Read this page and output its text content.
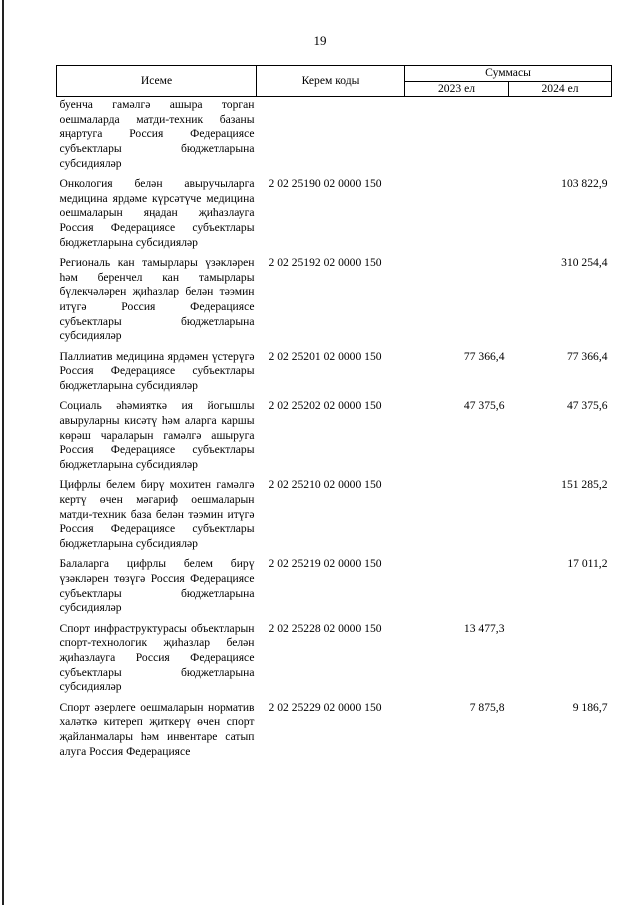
19
Исеме	Керем коды	Суммасы	
		2023 ел	2024 ел
буенча гамәлгә ашыра торган оешмаларда матди-техник базаны яңартуга Россия Федерациясе субъектлары бюджетларына субсидияләр			
Онкология белән авыручыларга медицина ярдәме күрсәтүче медицина оешмаларын яңадан җиһазлауга Россия Федерациясе субъектлары бюджетларына субсидияләр	2 02 25190 02 0000 150		103 822,9
Региональ кан тамырлары үзәкләрен һәм беренчел кан тамырлары бүлекчәләрен җиһазлар белән тәэмин итүгә Россия Федерациясе субъектлары бюджетларына субсидияләр	2 02 25192 02 0000 150		310 254,4
Паллиатив медицина ярдәмен үстерүгә Россия Федерациясе субъектлары бюджетларына субсидияләр	2 02 25201 02 0000 150	77 366,4	77 366,4
Социаль әһәмияткә ия йогышлы авыруларны кисәтү һәм аларга каршы көрәш чараларын гамәлгә ашыруга Россия Федерациясе субъектлары бюджетларына субсидияләр	2 02 25202 02 0000 150	47 375,6	47 375,6
Цифрлы белем бирү мохитен гамәлгә кертү өчен мәгариф оешмаларын матди-техник база белән тәэмин итүгә Россия Федерациясе субъектлары бюджетларына субсидияләр	2 02 25210 02 0000 150		151 285,2
Балаларга цифрлы белем бирү үзәкләрен төзүгә Россия Федерациясе субъектлары бюджетларына субсидияләр	2 02 25219 02 0000 150		17 011,2
Спорт инфраструктурасы объектларын спорт-технологик җиһазлар белән җиһазлауга Россия Федерациясе субъектлары бюджетларына субсидияләр	2 02 25228 02 0000 150	13 477,3	
Спорт әзерлеге оешмаларын норматив халәткә китереп җиткерү өчен спорт җайланмалары һәм инвентаре сатып алуга Россия Федерациясе	2 02 25229 02 0000 150	7 875,8	9 186,7
